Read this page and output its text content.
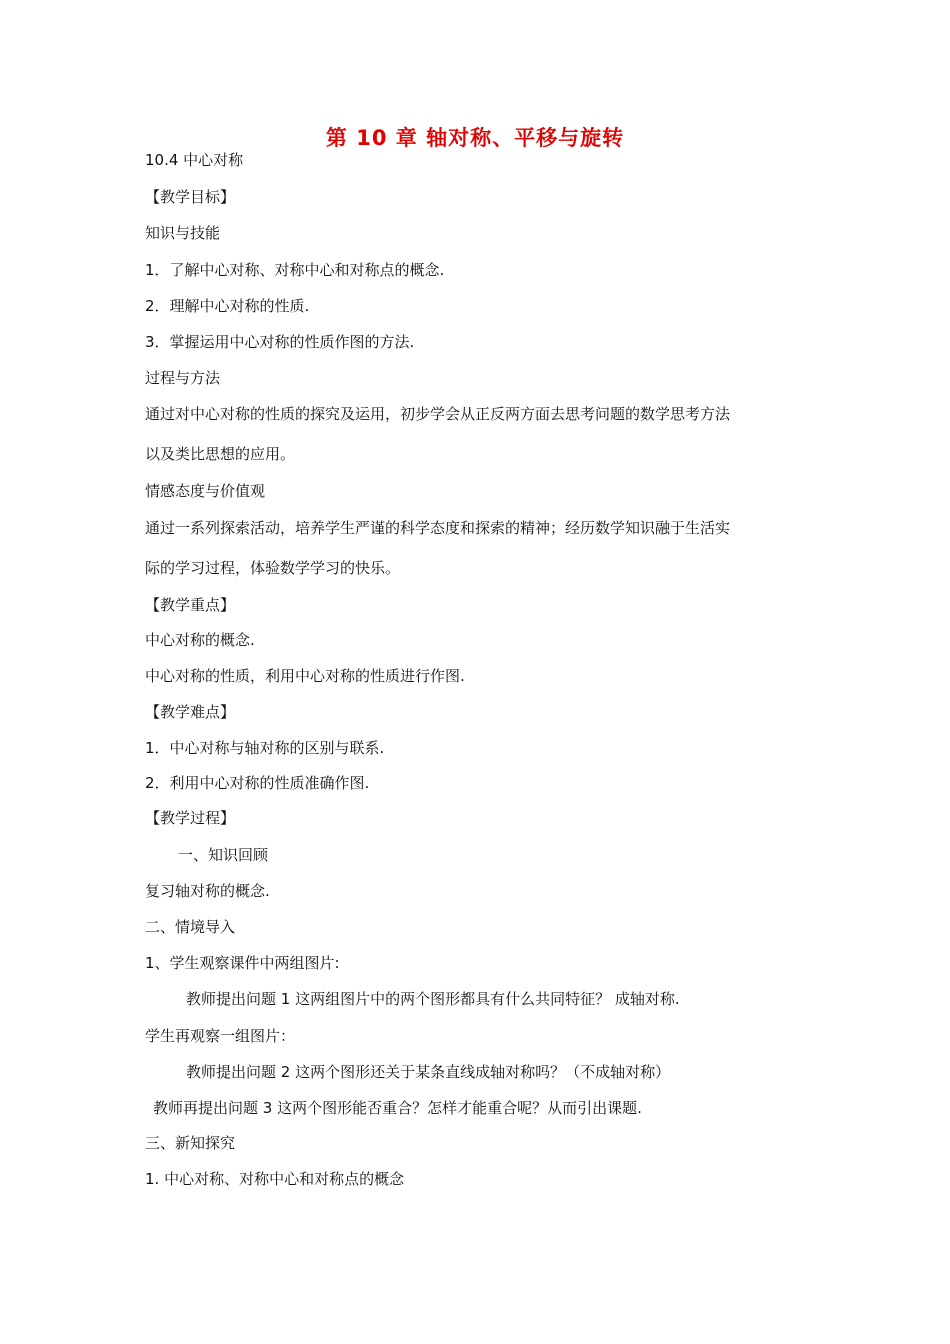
第 10 章 轴对称、平移与旋转
10.4 中心对称
【教学目标】
知识与技能
1．了解中心对称、对称中心和对称点的概念.
2．理解中心对称的性质.
3．掌握运用中心对称的性质作图的方法.
过程与方法
通过对中心对称的性质的探究及运用，初步学会从正反两方面去思考问题的数学思考方法
以及类比思想的应用。
情感态度与价值观
通过一系列探索活动，培养学生严谨的科学态度和探索的精神；经历数学知识融于生活实
际的学习过程，体验数学学习的快乐。
【教学重点】
中心对称的概念.
中心对称的性质，利用中心对称的性质进行作图.
【教学难点】
1．中心对称与轴对称的区别与联系.
2．利用中心对称的性质准确作图.
【教学过程】
一、知识回顾
复习轴对称的概念.
二、情境导入
1、学生观察课件中两组图片:
教师提出问题 1 这两组图片中的两个图形都具有什么共同特征？ 成轴对称.
学生再观察一组图片：
教师提出问题 2 这两个图形还关于某条直线成轴对称吗？（不成轴对称）
教师再提出问题 3 这两个图形能否重合？怎样才能重合呢？从而引出课题.
三、新知探究
1. 中心对称、对称中心和对称点的概念
